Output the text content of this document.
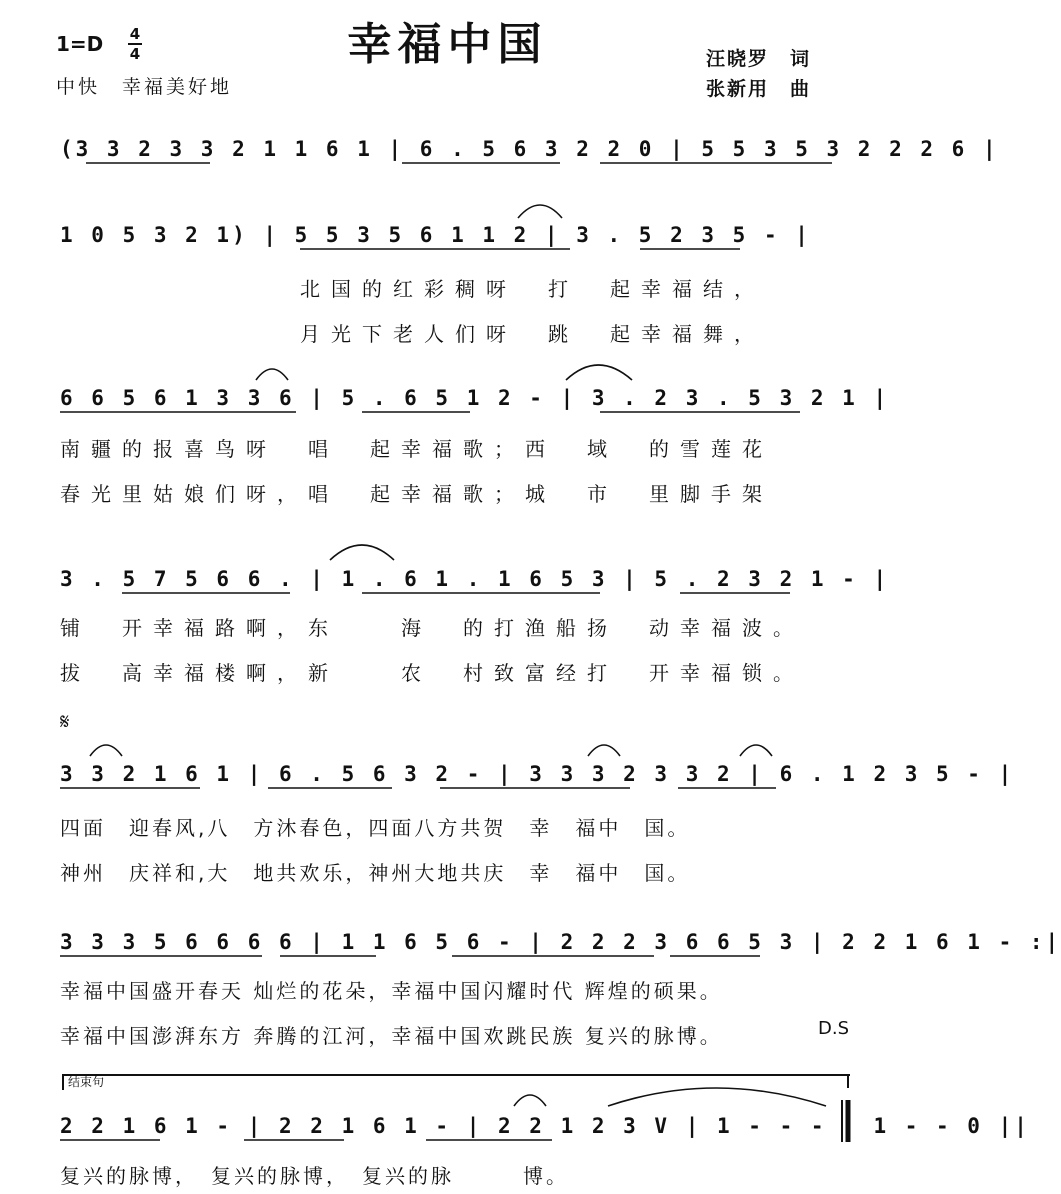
幸福中国
1=D 4
4
中快　幸福美好地
汪晓罗　词
张新用　曲
(3 3 2 3 3 2 1 1 6 1 | 6 . 5 6 3 2 2 0 | 5 5 3 5 3 2 2 2 6 |
1 0 5 3 2 1) | 5 5 3 5 6 1 1 2 | 3 . 5 2 3 5 - |
北国的红彩稠呀　打　起幸福结，
月光下老人们呀　跳　起幸福舞，
6 6 5 6 1 3 3 6 | 5 . 6 5 1 2 - | 3 . 2 3 . 5 3 2 1 |
南疆的报喜鸟呀　唱　起幸福歌；西　域　的雪莲花
春光里姑娘们呀，唱　起幸福歌；城　市　里脚手架
3 . 5 7 5 6 6 . | 1 . 6 1 . 1 6 5 3 | 5 . 2 3 2 1 - |
铺　开幸福路啊，东　　海　的打渔船扬　动幸福波。
拔　高幸福楼啊，新　　农　村致富经打　开幸福锁。
𝄋
3 3 2 1 6 1 | 6 . 5 6 3 2 - | 3 3 3 2 3 3 2 | 6 . 1 2 3 5 - |
四面　迎春风,八　方沐春色，四面八方共贺　幸　福中　国。
神州　庆祥和,大　地共欢乐，神州大地共庆　幸　福中　国。
3 3 3 5 6 6 6 6 | 1 1 6 5 6 - | 2 2 2 3 6 6 5 3 | 2 2 1 6 1 - :|
幸福中国盛开春天 灿烂的花朵，幸福中国闪耀时代 辉煌的硕果。
幸福中国澎湃东方 奔腾的江河，幸福中国欢跳民族 复兴的脉博。	D.S
结束句
2 2 1 6 1 - | 2 2 1 6 1 - | 2 2 1 2 3 V | 1 - - - | 1 - - 0 ||
复兴的脉博，　复兴的脉博，　复兴的脉　　　博。
